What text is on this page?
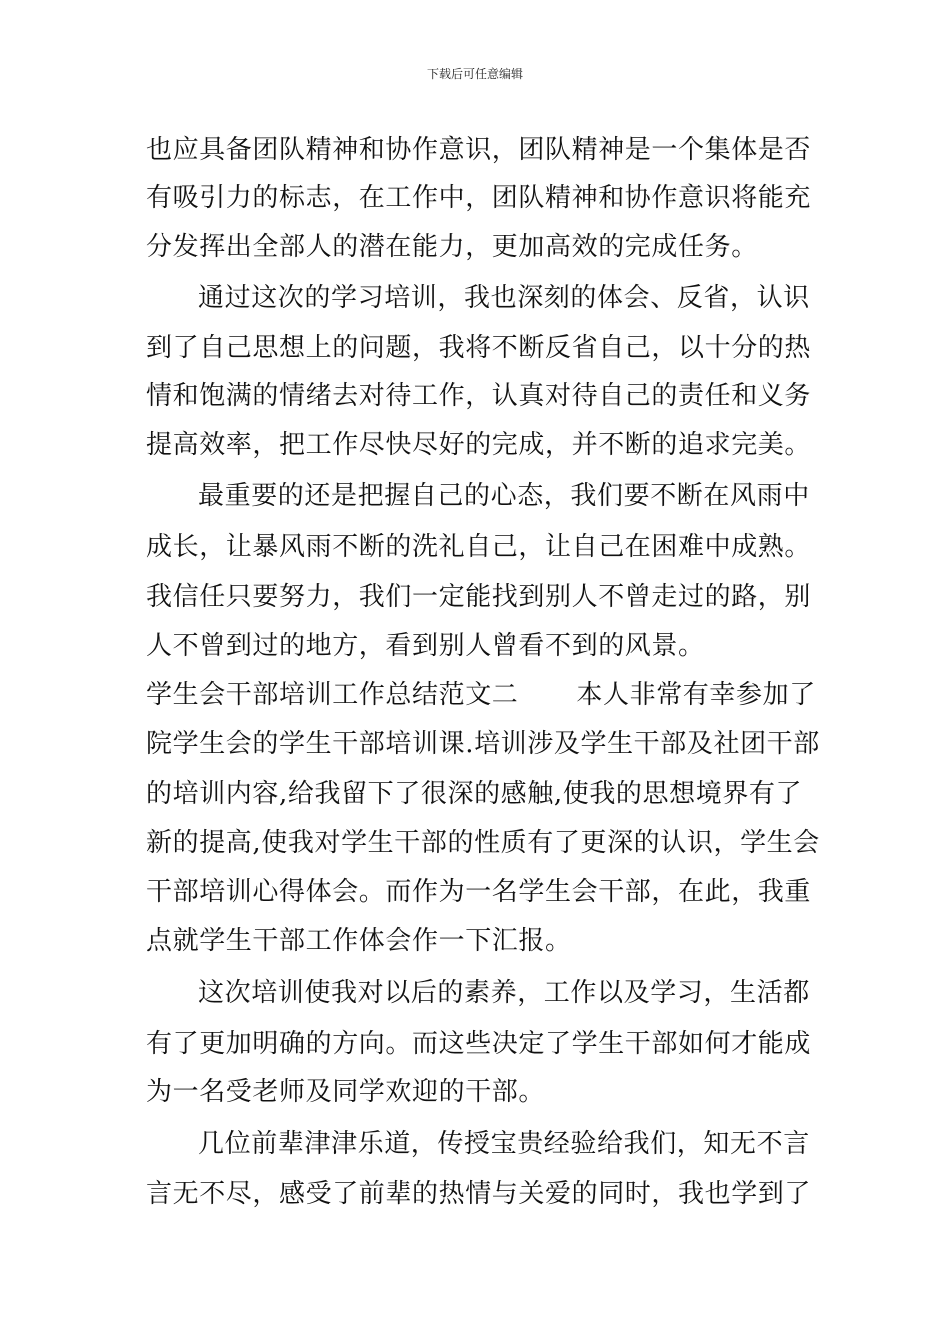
下载后可任意编辑
也应具备团队精神和协作意识，团队精神是一个集体是否
有吸引力的标志，在工作中，团队精神和协作意识将能充
分发挥出全部人的潜在能力，更加高效的完成任务。
通过这次的学习培训，我也深刻的体会、反省，认识
到了自己思想上的问题，我将不断反省自己，以十分的热
情和饱满的情绪去对待工作，认真对待自己的责任和义务
提高效率，把工作尽快尽好的完成，并不断的追求完美。
最重要的还是把握自己的心态，我们要不断在风雨中
成长，让暴风雨不断的洗礼自己，让自己在困难中成熟。
我信任只要努力，我们一定能找到别人不曾走过的路，别
人不曾到过的地方，看到别人曾看不到的风景。
学生会干部培训工作总结范文二 本人非常有幸参加了
院学生会的学生干部培训课.培训涉及学生干部及社团干部
的培训内容,给我留下了很深的感触,使我的思想境界有了
新的提高,使我对学生干部的性质有了更深的认识，学生会
干部培训心得体会。而作为一名学生会干部，在此，我重
点就学生干部工作体会作一下汇报。
这次培训使我对以后的素养，工作以及学习，生活都
有了更加明确的方向。而这些决定了学生干部如何才能成
为一名受老师及同学欢迎的干部。
几位前辈津津乐道，传授宝贵经验给我们，知无不言
言无不尽，感受了前辈的热情与关爱的同时，我也学到了
